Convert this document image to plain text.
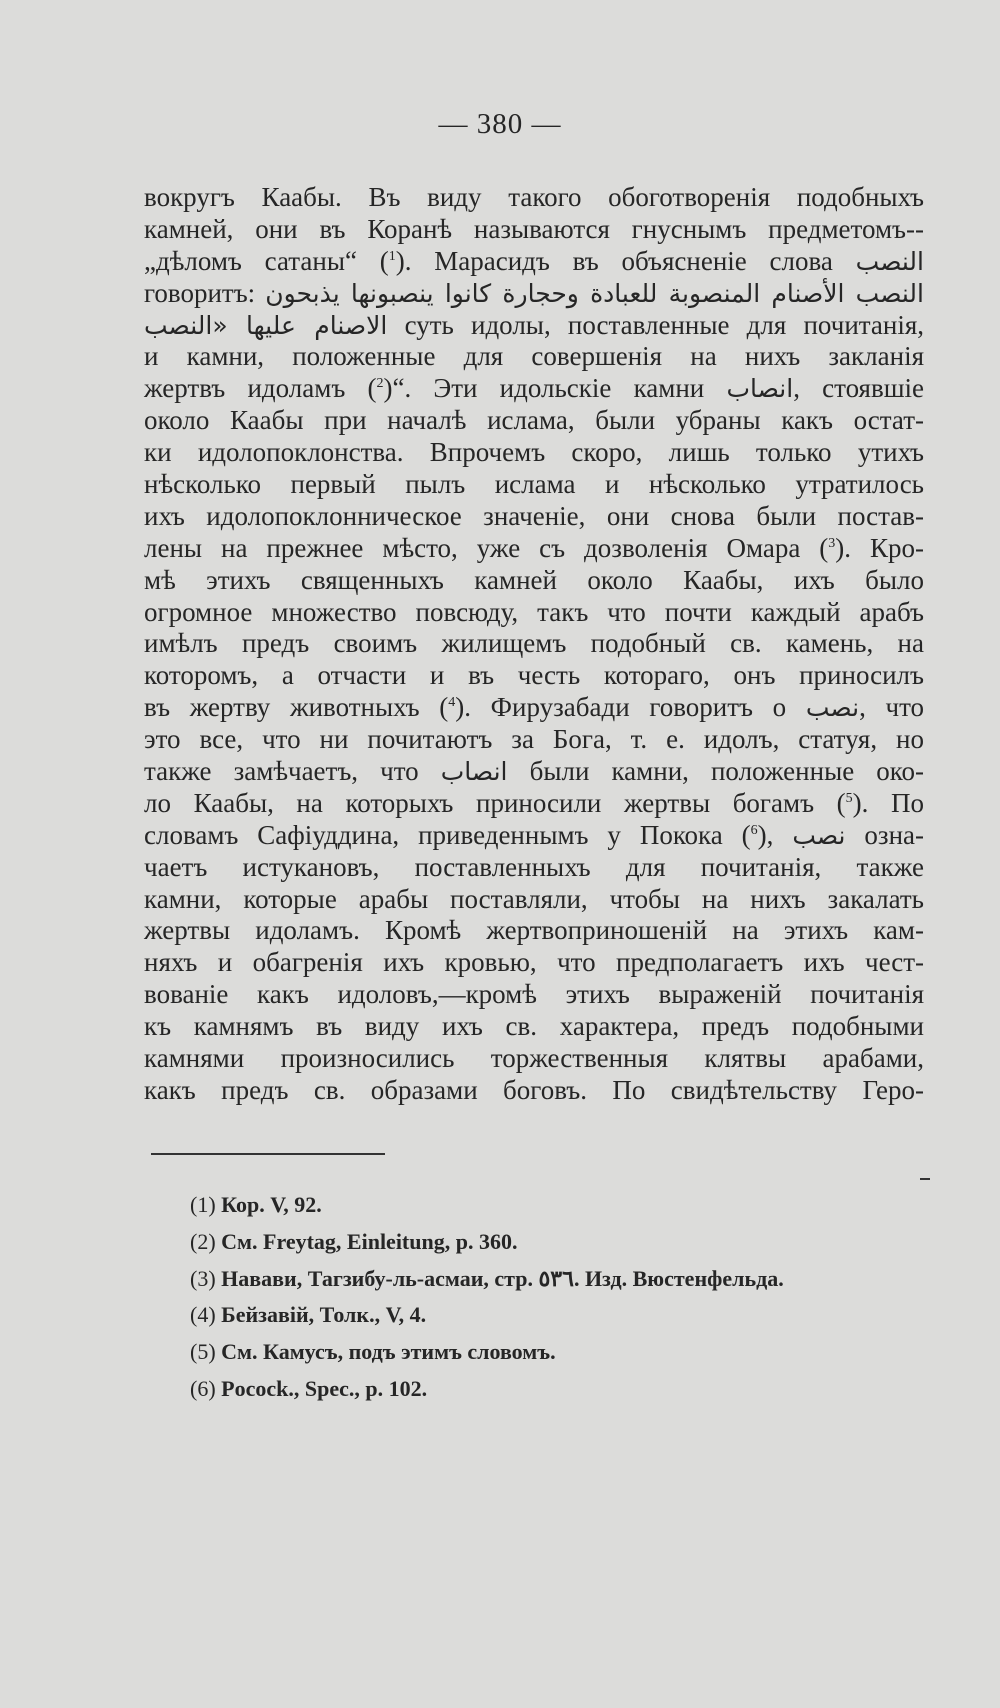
— 380 —
вокругъ Каабы. Въ виду такого обоготворенія подобныхъ
камней, они въ Коранѣ называются гнуснымъ предметомъ--
„дѣломъ сатаны“ ($^1$). Марасидъ въ объясненіе слова النصب
говоритъ: النصب الأصنام المنصوبة للعبادة وحجارة كانوا ينصبونها يذبحون
الاصنام عليها «النصب суть идолы, поставленные для почитанія,
и камни, положенные для совершенія на нихъ закланія
жертвъ идоламъ ($^2$)“. Эти идольскіе камни انصاب, стоявшіе
около Каабы при началѣ ислама, были убраны какъ остат-
ки идолопоклонства. Впрочемъ скоро, лишь только утихъ
нѣсколько первый пылъ ислама и нѣсколько утратилось
ихъ идолопоклонническое значеніе, они снова были постав-
лены на прежнее мѣсто, уже съ дозволенія Омара ($^3$). Кро-
мѣ этихъ священныхъ камней около Каабы, ихъ было
огромное множество повсюду, такъ что почти каждый арабъ
имѣлъ предъ своимъ жилищемъ подобный св. камень, на
которомъ, а отчасти и въ честь котораго, онъ приносилъ
въ жертву животныхъ ($^4$). Фирузабади говоритъ о نصب, что
это все, что ни почитаютъ за Бога, т. е. идолъ, статуя, но
также замѣчаетъ, что انصاب были камни, положенные око-
ло Каабы, на которыхъ приносили жертвы богамъ ($^5$). По
словамъ Сафіуддина, приведеннымъ у Покока ($^6$), نصب озна-
чаетъ истукановъ, поставленныхъ для почитанія, также
камни, которые арабы поставляли, чтобы на нихъ закалать
жертвы идоламъ. Кромѣ жертвоприношеній на этихъ кам-
няхъ и обагренія ихъ кровью, что предполагаетъ ихъ чест-
вованіе какъ идоловъ,—кромѣ этихъ выраженій почитанія
къ камнямъ въ виду ихъ св. характера, предъ подобными
камнями произносились торжественныя клятвы арабами,
какъ предъ св. образами боговъ. По свидѣтельству Геро-
(1) Кор. V, 92.
(2) См. Freytag, Einleitung, p. 360.
(3) Навави, Тагзибу-ль-асмаи, стр. ٥٣٦. Изд. Вюстенфельда.
(4) Бейзавій, Толк., V, 4.
(5) См. Камусъ, подъ этимъ словомъ.
(6) Pocock., Spec., p. 102.
